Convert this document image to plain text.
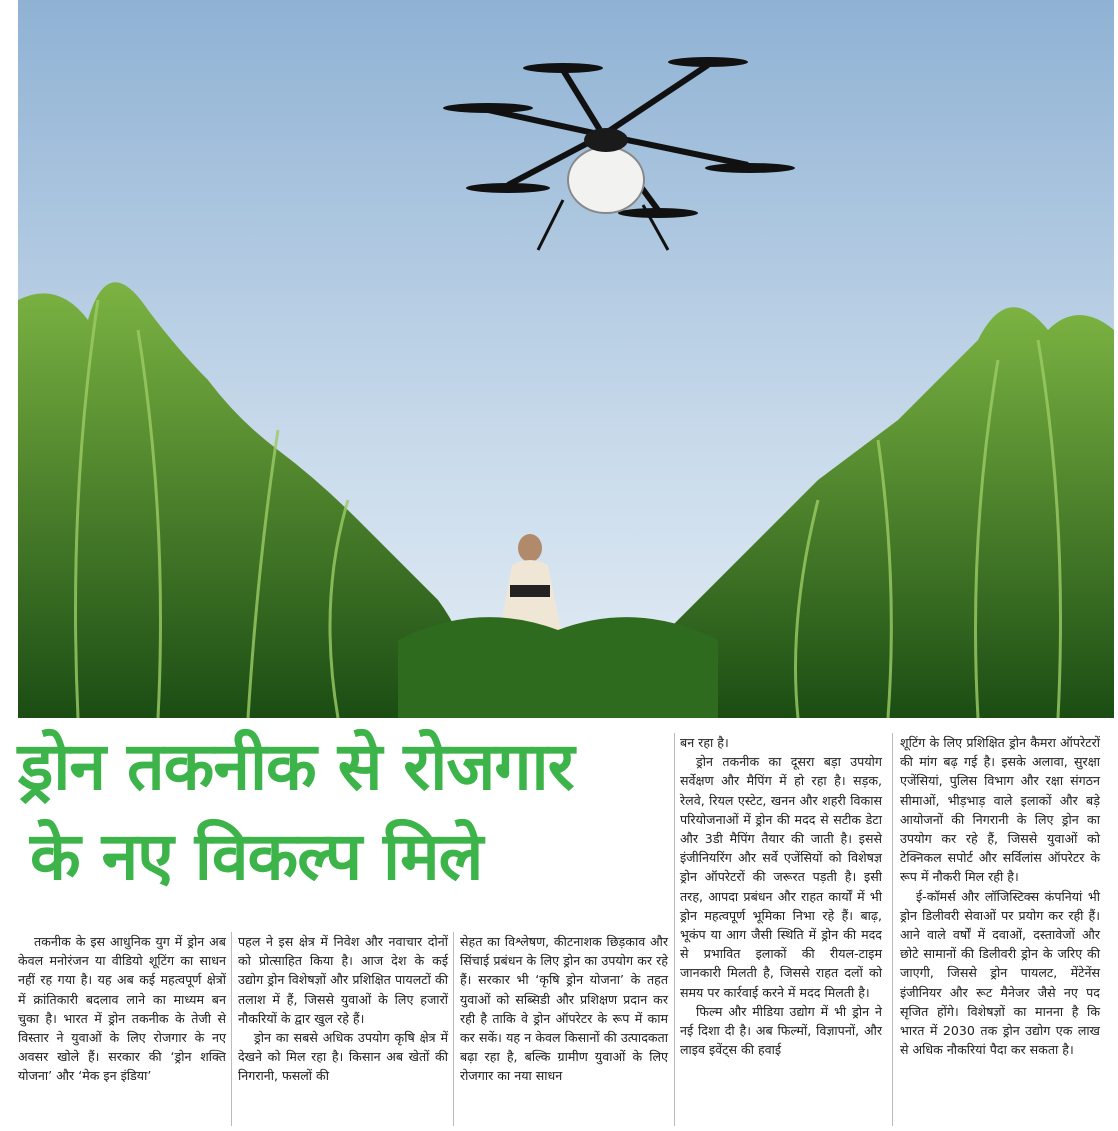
ड्रोन तकनीक से रोजगार
के नए विकल्प मिले

तकनीक के इस आधुनिक युग में ड्रोन अब केवल मनोरंजन या वीडियो शूटिंग का साधन नहीं रह गया है। यह अब कई महत्वपूर्ण क्षेत्रों में क्रांतिकारी बदलाव लाने का माध्यम बन चुका है। भारत में ड्रोन तकनीक के तेजी से विस्तार ने युवाओं के लिए रोजगार के नए अवसर खोले हैं। सरकार की ‘ड्रोन शक्ति योजना’ और ‘मेक इन इंडिया’

पहल ने इस क्षेत्र में निवेश और नवाचार दोनों को प्रोत्साहित किया है। आज देश के कई उद्योग ड्रोन विशेषज्ञों और प्रशिक्षित पायलटों की तलाश में हैं, जिससे युवाओं के लिए हजारों नौकरियों के द्वार खुल रहे हैं।

ड्रोन का सबसे अधिक उपयोग कृषि क्षेत्र में देखने को मिल रहा है। किसान अब खेतों की निगरानी, फसलों की

सेहत का विश्लेषण, कीटनाशक छिड़काव और सिंचाई प्रबंधन के लिए ड्रोन का उपयोग कर रहे हैं। सरकार भी ‘कृषि ड्रोन योजना’ के तहत युवाओं को सब्सिडी और प्रशिक्षण प्रदान कर रही है ताकि वे ड्रोन ऑपरेटर के रूप में काम कर सकें। यह न केवल किसानों की उत्पादकता बढ़ा रहा है, बल्कि ग्रामीण युवाओं के लिए रोजगार का नया साधन

बन रहा है।

ड्रोन तकनीक का दूसरा बड़ा उपयोग सर्वेक्षण और मैपिंग में हो रहा है। सड़क, रेलवे, रियल एस्टेट, खनन और शहरी विकास परियोजनाओं में ड्रोन की मदद से सटीक डेटा और 3डी मैपिंग तैयार की जाती है। इससे इंजीनियरिंग और सर्वे एजेंसियों को विशेषज्ञ ड्रोन ऑपरेटरों की जरूरत पड़ती है। इसी तरह, आपदा प्रबंधन और राहत कार्यों में भी ड्रोन महत्वपूर्ण भूमिका निभा रहे हैं। बाढ़, भूकंप या आग जैसी स्थिति में ड्रोन की मदद से प्रभावित इलाकों की रीयल-टाइम जानकारी मिलती है, जिससे राहत दलों को समय पर कार्रवाई करने में मदद मिलती है।

फिल्म और मीडिया उद्योग में भी ड्रोन ने नई दिशा दी है। अब फिल्मों, विज्ञापनों, और लाइव इवेंट्स की हवाई

शूटिंग के लिए प्रशिक्षित ड्रोन कैमरा ऑपरेटरों की मांग बढ़ गई है। इसके अलावा, सुरक्षा एजेंसियां, पुलिस विभाग और रक्षा संगठन सीमाओं, भीड़भाड़ वाले इलाकों और बड़े आयोजनों की निगरानी के लिए ड्रोन का उपयोग कर रहे हैं, जिससे युवाओं को टेक्निकल सपोर्ट और सर्विलांस ऑपरेटर के रूप में नौकरी मिल रही है।

ई-कॉमर्स और लॉजिस्टिक्स कंपनियां भी ड्रोन डिलीवरी सेवाओं पर प्रयोग कर रही हैं। आने वाले वर्षों में दवाओं, दस्तावेजों और छोटे सामानों की डिलीवरी ड्रोन के जरिए की जाएगी, जिससे ड्रोन पायलट, मेंटेनेंस इंजीनियर और रूट मैनेजर जैसे नए पद सृजित होंगे। विशेषज्ञों का मानना है कि भारत में 2030 तक ड्रोन उद्योग एक लाख से अधिक नौकरियां पैदा कर सकता है।
